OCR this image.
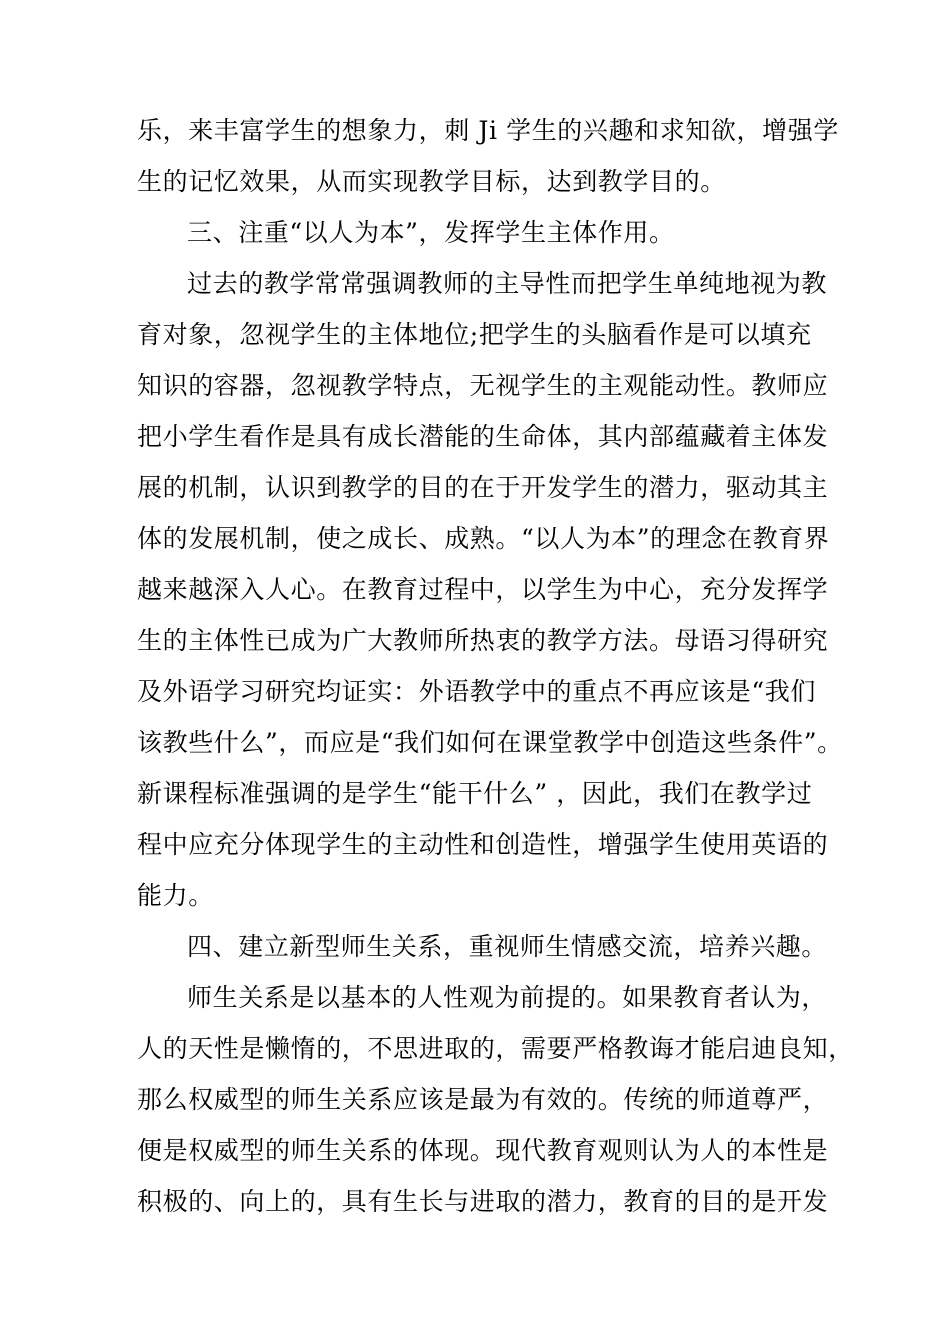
乐，来丰富学生的想象力，刺 Ji 学生的兴趣和求知欲，增强学
生的记忆效果，从而实现教学目标，达到教学目的。
三、注重“以人为本”，发挥学生主体作用。
过去的教学常常强调教师的主导性而把学生单纯地视为教
育对象，忽视学生的主体地位;把学生的头脑看作是可以填充
知识的容器，忽视教学特点，无视学生的主观能动性。教师应
把小学生看作是具有成长潜能的生命体，其内部蕴藏着主体发
展的机制，认识到教学的目的在于开发学生的潜力，驱动其主
体的发展机制，使之成长、成熟。“以人为本”的理念在教育界
越来越深入人心。在教育过程中，以学生为中心，充分发挥学
生的主体性已成为广大教师所热衷的教学方法。母语习得研究
及外语学习研究均证实：外语教学中的重点不再应该是“我们
该教些什么”，而应是“我们如何在课堂教学中创造这些条件”。
新课程标准强调的是学生“能干什么” ，因此，我们在教学过
程中应充分体现学生的主动性和创造性，增强学生使用英语的
能力。
四、建立新型师生关系，重视师生情感交流，培养兴趣。
师生关系是以基本的人性观为前提的。如果教育者认为，
人的天性是懒惰的，不思进取的，需要严格教诲才能启迪良知，
那么权威型的师生关系应该是最为有效的。传统的师道尊严，
便是权威型的师生关系的体现。现代教育观则认为人的本性是
积极的、向上的，具有生长与进取的潜力，教育的目的是开发
